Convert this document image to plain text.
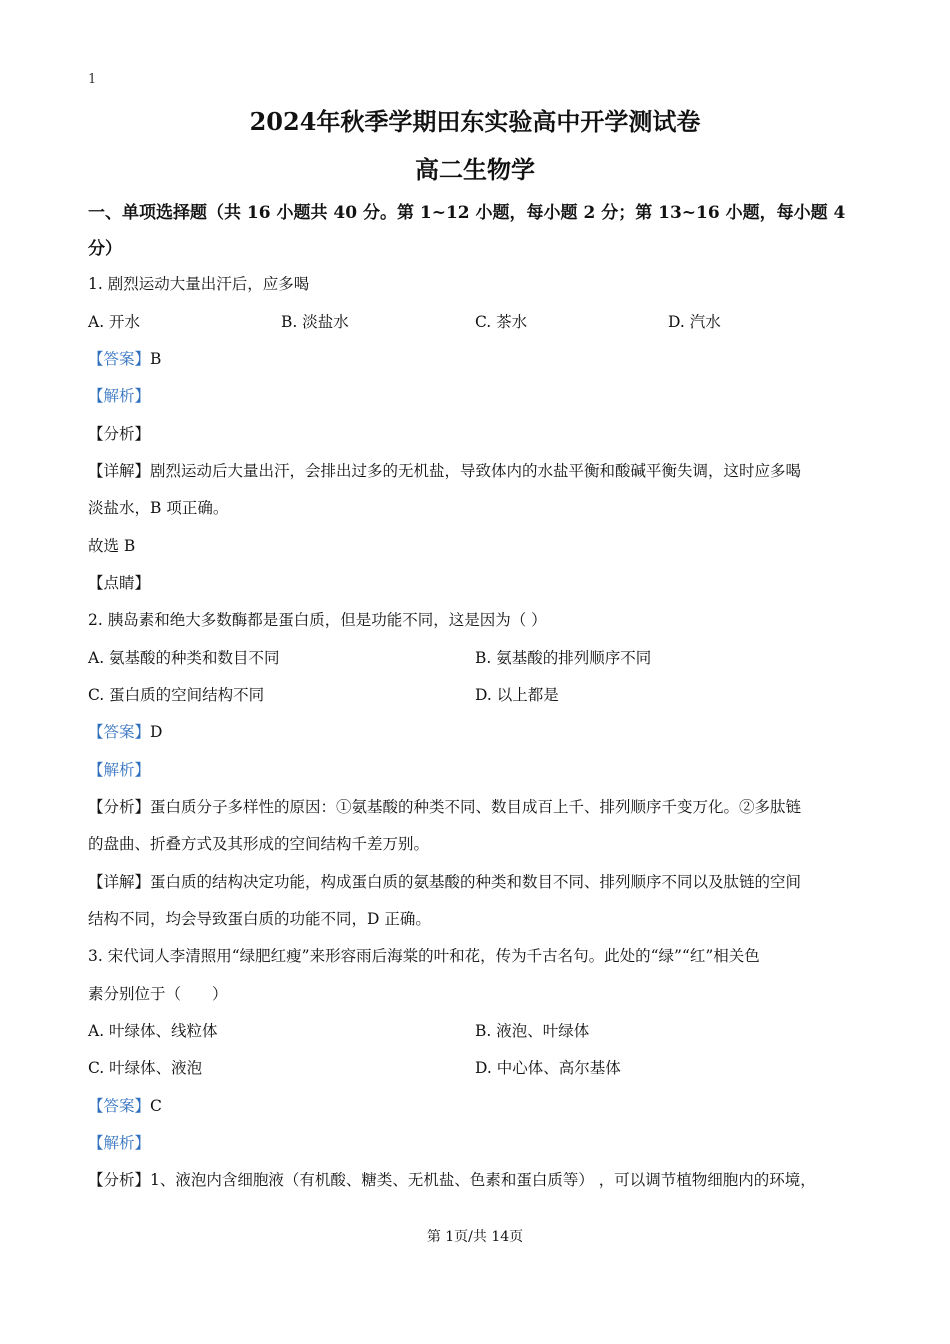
1
2024年秋季学期田东实验高中开学测试卷
高二生物学
一、单项选择题（共 16 小题共 40 分。第 1~12 小题，每小题 2 分；第 13~16 小题，每小题 4
分）
1. 剧烈运动大量出汗后，应多喝
A. 开水	B. 淡盐水	C. 茶水	D. 汽水
【答案】B
【解析】
【分析】
【详解】剧烈运动后大量出汗，会排出过多的无机盐，导致体内的水盐平衡和酸碱平衡失调，这时应多喝
淡盐水，B 项正确。
故选 B
【点睛】
2. 胰岛素和绝大多数酶都是蛋白质，但是功能不同，这是因为（ ）
A. 氨基酸的种类和数目不同	B. 氨基酸的排列顺序不同
C. 蛋白质的空间结构不同	D. 以上都是
【答案】D
【解析】
【分析】蛋白质分子多样性的原因：①氨基酸的种类不同、数目成百上千、排列顺序千变万化。②多肽链
的盘曲、折叠方式及其形成的空间结构千差万别。
【详解】蛋白质的结构决定功能，构成蛋白质的氨基酸的种类和数目不同、排列顺序不同以及肽链的空间
结构不同，均会导致蛋白质的功能不同，D 正确。
3. 宋代词人李清照用“绿肥红瘦”来形容雨后海棠的叶和花，传为千古名句。此处的“绿”“红”相关色
素分别位于（　　）
A. 叶绿体、线粒体	B. 液泡、叶绿体
C. 叶绿体、液泡	D. 中心体、高尔基体
【答案】C
【解析】
【分析】1、液泡内含细胞液（有机酸、糖类、无机盐、色素和蛋白质等） ，可以调节植物细胞内的环境，
第 1页/共 14页
